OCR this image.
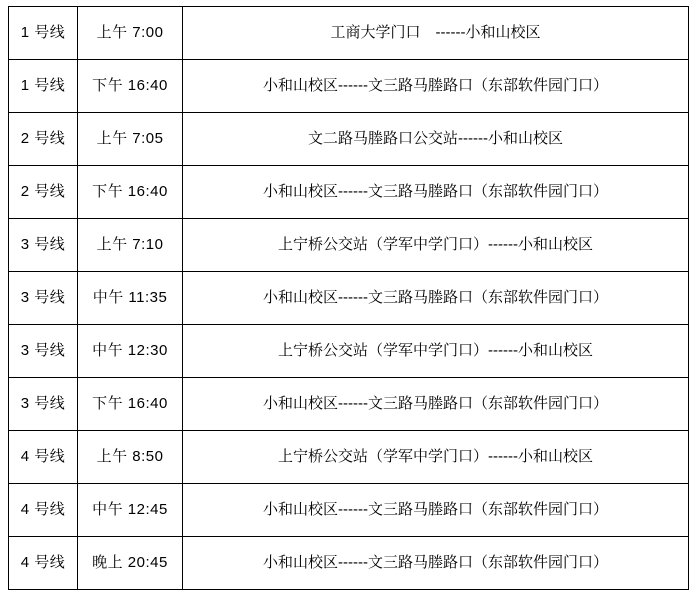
1 号线	上午 7:00	工商大学门口　------小和山校区
1 号线	下午 16:40	小和山校区------文三路马塍路口（东部软件园门口）
2 号线	上午 7:05	文二路马塍路口公交站------小和山校区
2 号线	下午 16:40	小和山校区------文三路马塍路口（东部软件园门口）
3 号线	上午 7:10	上宁桥公交站（学军中学门口）------小和山校区
3 号线	中午 11:35	小和山校区------文三路马塍路口（东部软件园门口）
3 号线	中午 12:30	上宁桥公交站（学军中学门口）------小和山校区
3 号线	下午 16:40	小和山校区------文三路马塍路口（东部软件园门口）
4 号线	上午 8:50	上宁桥公交站（学军中学门口）------小和山校区
4 号线	中午 12:45	小和山校区------文三路马塍路口（东部软件园门口）
4 号线	晚上 20:45	小和山校区------文三路马塍路口（东部软件园门口）
